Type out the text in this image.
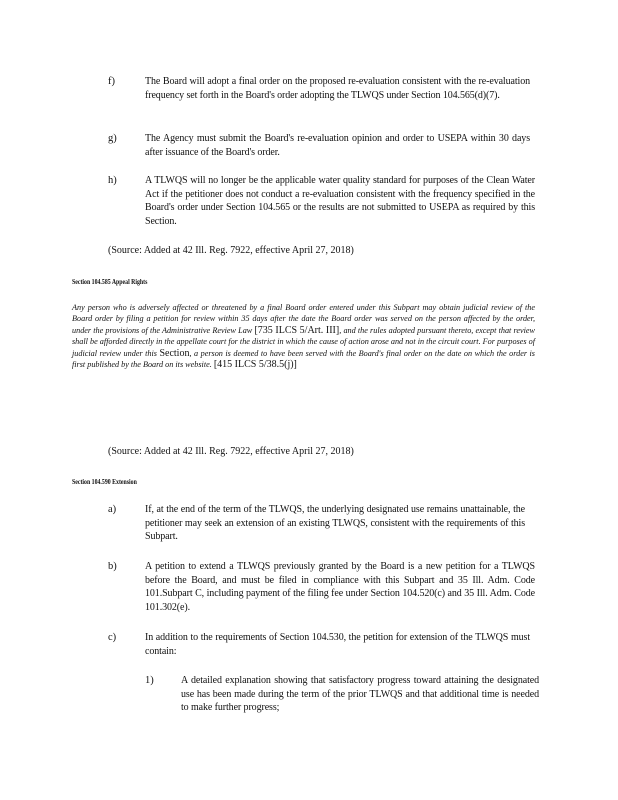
f)	The Board will adopt a final order on the proposed re-evaluation consistent with the re-evaluation frequency set forth in the Board's order adopting the TLWQS under Section 104.565(d)(7).
g)	The Agency must submit the Board's re-evaluation opinion and order to USEPA within 30 days after issuance of the Board's order.
h)	A TLWQS will no longer be the applicable water quality standard for purposes of the Clean Water Act if the petitioner does not conduct a re-evaluation consistent with the frequency specified in the Board's order under Section 104.565 or the results are not submitted to USEPA as required by this Section.
(Source: Added at 42 Ill. Reg. 7922, effective April 27, 2018)
Section 104.585 Appeal Rights
Any person who is adversely affected or threatened by a final Board order entered under this Subpart may obtain judicial review of the Board order by filing a petition for review within 35 days after the date the Board order was served on the person affected by the order, under the provisions of the Administrative Review Law [735 ILCS 5/Art. III], and the rules adopted pursuant thereto, except that review shall be afforded directly in the appellate court for the district in which the cause of action arose and not in the circuit court. For purposes of judicial review under this Section, a person is deemed to have been served with the Board's final order on the date on which the order is first published by the Board on its website. [415 ILCS 5/38.5(j)]
(Source: Added at 42 Ill. Reg. 7922, effective April 27, 2018)
Section 104.590 Extension
a)	If, at the end of the term of the TLWQS, the underlying designated use remains unattainable, the petitioner may seek an extension of an existing TLWQS, consistent with the requirements of this Subpart.
b)	A petition to extend a TLWQS previously granted by the Board is a new petition for a TLWQS before the Board, and must be filed in compliance with this Subpart and 35 Ill. Adm. Code 101.Subpart C, including payment of the filing fee under Section 104.520(c) and 35 Ill. Adm. Code 101.302(e).
c)	In addition to the requirements of Section 104.530, the petition for extension of the TLWQS must contain:
1)	A detailed explanation showing that satisfactory progress toward attaining the designated use has been made during the term of the prior TLWQS and that additional time is needed to make further progress;
